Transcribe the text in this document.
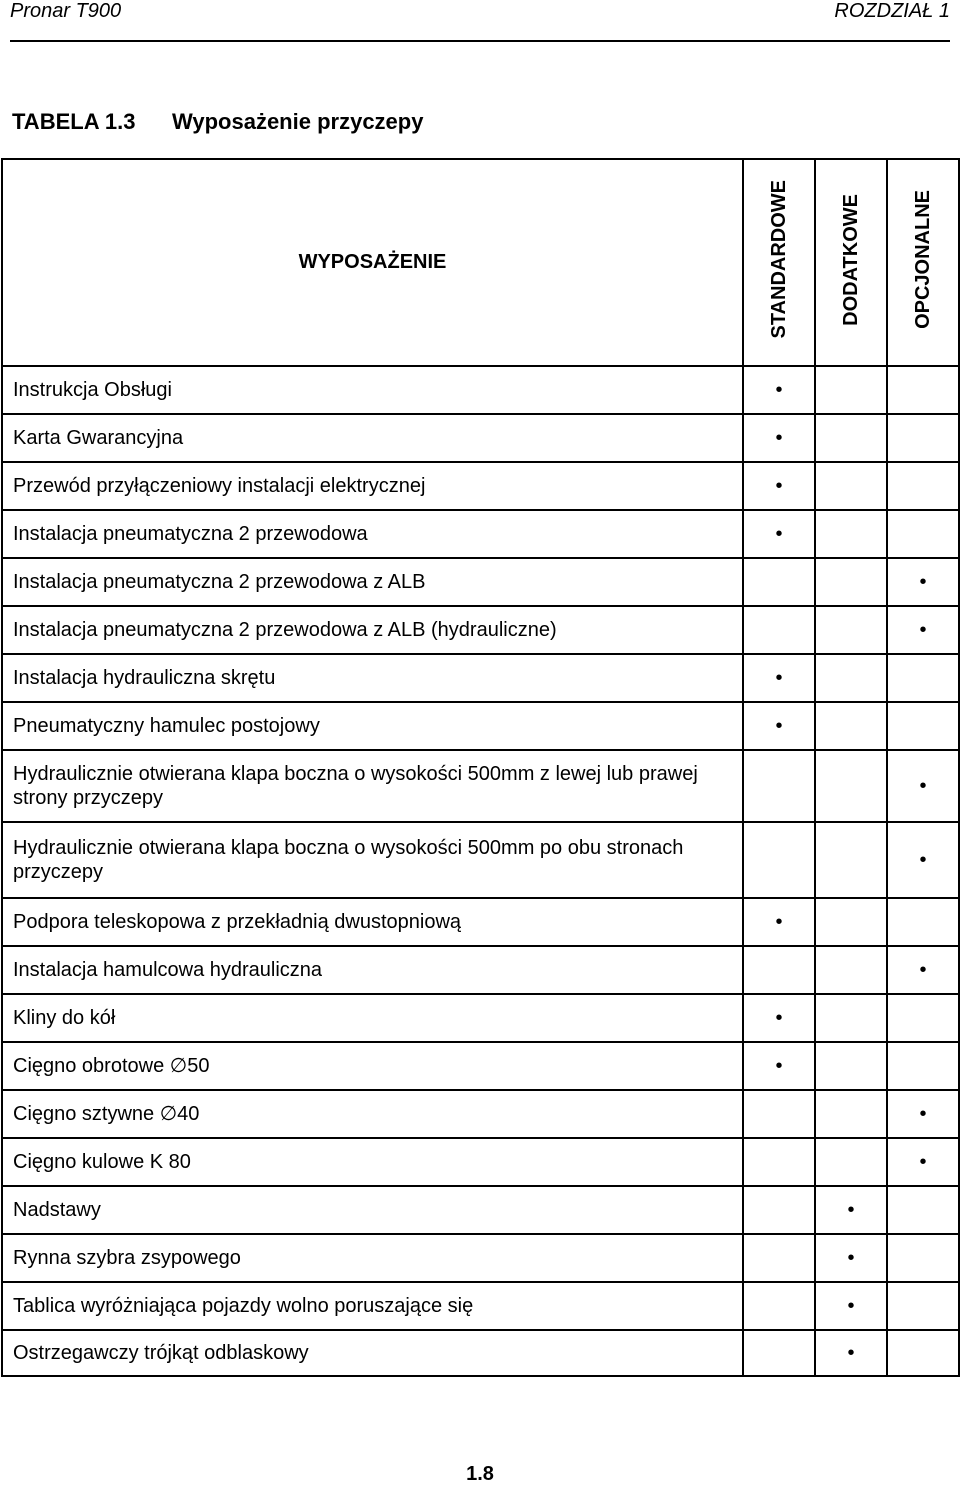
Pronar T900	ROZDZIAŁ 1
TABELA 1.3 Wyposażenie przyczepy
WYPOSAŻENIE	STANDARDOWE	DODATKOWE	OPCJONALNE
Instrukcja Obsługi	•		
Karta Gwarancyjna	•		
Przewód przyłączeniowy instalacji elektrycznej	•		
Instalacja pneumatyczna 2 przewodowa	•		
Instalacja pneumatyczna 2 przewodowa z ALB			•
Instalacja pneumatyczna 2 przewodowa z ALB (hydrauliczne)			•
Instalacja hydrauliczna skrętu	•		
Pneumatyczny hamulec postojowy	•		
Hydraulicznie otwierana klapa boczna o wysokości 500mm z lewej lub prawej strony przyczepy			•
Hydraulicznie otwierana klapa boczna o wysokości 500mm po obu stronach przyczepy			•
Podpora teleskopowa z przekładnią dwustopniową	•		
Instalacja hamulcowa hydrauliczna			•
Kliny do kół	•		
Cięgno obrotowe ∅50	•		
Cięgno sztywne ∅40			•
Cięgno kulowe K 80			•
Nadstawy		•	
Rynna szybra zsypowego		•	
Tablica wyróżniająca pojazdy wolno poruszające się		•	
Ostrzegawczy trójkąt odblaskowy		•	
1.8
